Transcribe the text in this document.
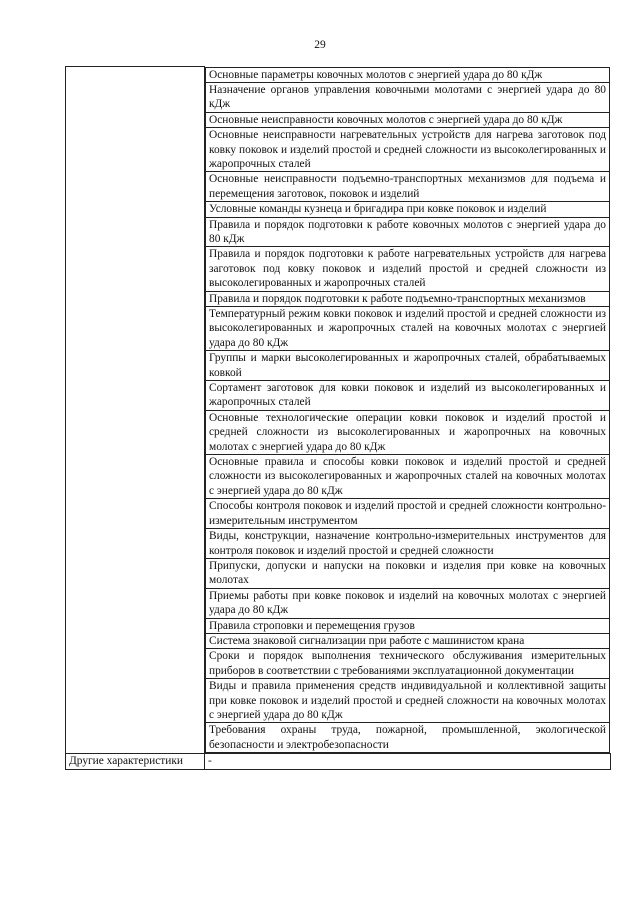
29

Основные параметры ковочных молотов с энергией удара до 80 кДж

Назначение органов управления ковочными молотами с энергией удара до 80 кДж

Основные неисправности ковочных молотов с энергией удара до 80 кДж

Основные неисправности нагревательных устройств для нагрева заготовок под ковку поковок и изделий простой и средней сложности из высоколегированных и жаропрочных сталей

Основные неисправности подъемно-транспортных механизмов для подъема и перемещения заготовок, поковок и изделий

Условные команды кузнеца и бригадира при ковке поковок и изделий

Правила и порядок подготовки к работе ковочных молотов с энергией удара до 80 кДж

Правила и порядок подготовки к работе нагревательных устройств для нагрева заготовок под ковку поковок и изделий простой и средней сложности из высоколегированных и жаропрочных сталей

Правила и порядок подготовки к работе подъемно-транспортных механизмов

Температурный режим ковки поковок и изделий простой и средней сложности из высоколегированных и жаропрочных сталей на ковочных молотах с энергией удара до 80 кДж

Группы и марки высоколегированных и жаропрочных сталей, обрабатываемых ковкой

Сортамент заготовок для ковки поковок и изделий из высоколегированных и жаропрочных сталей

Основные технологические операции ковки поковок и изделий простой и средней сложности из высоколегированных и жаропрочных на ковочных молотах с энергией удара до 80 кДж

Основные правила и способы ковки поковок и изделий простой и средней сложности из высоколегированных и жаропрочных сталей на ковочных молотах с энергией удара до 80 кДж

Способы контроля поковок и изделий простой и средней сложности контрольно-измерительным инструментом

Виды, конструкции, назначение контрольно-измерительных инструментов для контроля поковок и изделий простой и средней сложности

Припуски, допуски и напуски на поковки и изделия при ковке на ковочных молотах

Приемы работы при ковке поковок и изделий на ковочных молотах с энергией удара до 80 кДж

Правила строповки и перемещения грузов

Система знаковой сигнализации при работе с машинистом крана

Сроки и порядок выполнения технического обслуживания измерительных приборов в соответствии с требованиями эксплуатационной документации

Виды и правила применения средств индивидуальной и коллективной защиты при ковке поковок и изделий простой и средней сложности на ковочных молотах с энергией удара до 80 кДж

Требования охраны труда, пожарной, промышленной, экологической безопасности и электробезопасности

Другие характеристики	-
